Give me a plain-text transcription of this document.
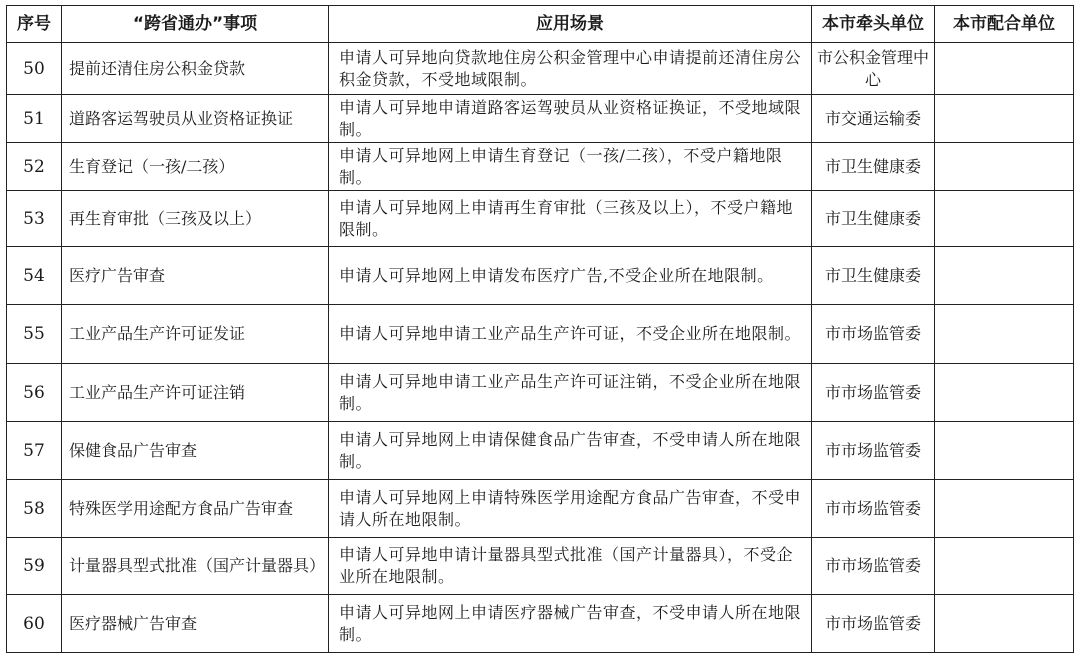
序号	“跨省通办”事项	应用场景	本市牵头单位	本市配合单位
50	提前还清住房公积金贷款	申请人可异地向贷款地住房公积金管理中心申请提前还清住房公积金贷款，不受地域限制。	市公积金管理中心	
51	道路客运驾驶员从业资格证换证	申请人可异地申请道路客运驾驶员从业资格证换证，不受地域限制。	市交通运输委	
52	生育登记（一孩/二孩）	申请人可异地网上申请生育登记（一孩/二孩），不受户籍地限制。	市卫生健康委	
53	再生育审批（三孩及以上）	申请人可异地网上申请再生育审批（三孩及以上），不受户籍地限制。	市卫生健康委	
54	医疗广告审查	申请人可异地网上申请发布医疗广告,不受企业所在地限制。	市卫生健康委	
55	工业产品生产许可证发证	申请人可异地申请工业产品生产许可证，不受企业所在地限制。	市市场监管委	
56	工业产品生产许可证注销	申请人可异地申请工业产品生产许可证注销，不受企业所在地限制。	市市场监管委	
57	保健食品广告审查	申请人可异地网上申请保健食品广告审查，不受申请人所在地限制。	市市场监管委	
58	特殊医学用途配方食品广告审查	申请人可异地网上申请特殊医学用途配方食品广告审查，不受申请人所在地限制。	市市场监管委	
59	计量器具型式批准（国产计量器具）	申请人可异地申请计量器具型式批准（国产计量器具），不受企业所在地限制。	市市场监管委	
60	医疗器械广告审查	申请人可异地网上申请医疗器械广告审查，不受申请人所在地限制。	市市场监管委	
